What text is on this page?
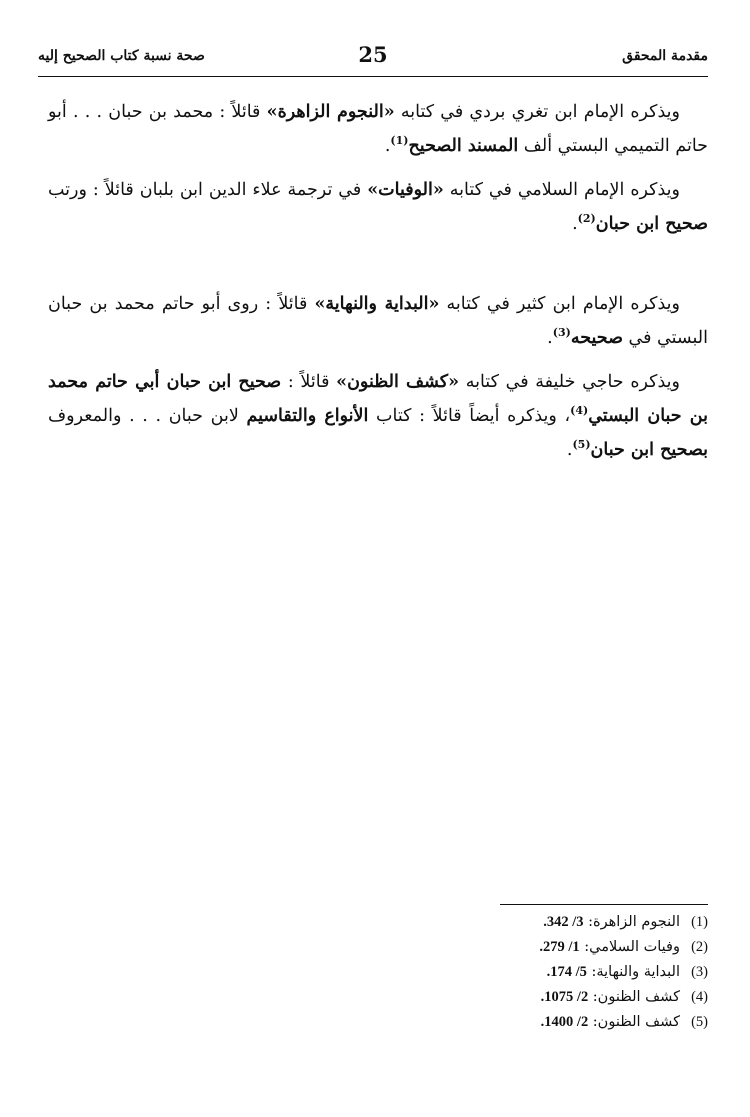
مقدمة المحقق
25
صحة نسبة كتاب الصحيح إليه

ويذكره الإمام ابن تغري بردي في كتابه «النجوم الزاهرة» قائلاً : محمد بن حبان . . . أبو حاتم التميمي البستي ألف المسند الصحيح$^{(1)}$.

ويذكره الإمام السلامي في كتابه «الوفيات» في ترجمة علاء الدين ابن بلبان قائلاً : ورتب صحيح ابن حبان$^{(2)}$.

ويذكره الإمام ابن كثير في كتابه «البداية والنهاية» قائلاً : روى أبو حاتم محمد بن حبان البستي في صحيحه$^{(3)}$.

ويذكره حاجي خليفة في كتابه «كشف الظنون» قائلاً : صحيح ابن حبان أبي حاتم محمد بن حبان البستي$^{(4)}$، ويذكره أيضاً قائلاً : كتاب الأنواع والتقاسيم لابن حبان . . . والمعروف بصحيح ابن حبان$^{(5)}$.

(1)النجوم الزاهرة: 3/ 342.
(2)وفيات السلامي: 1/ 279.
(3)البداية والنهاية: 5/ 174.
(4)كشف الظنون: 2/ 1075.
(5)كشف الظنون: 2/ 1400.
